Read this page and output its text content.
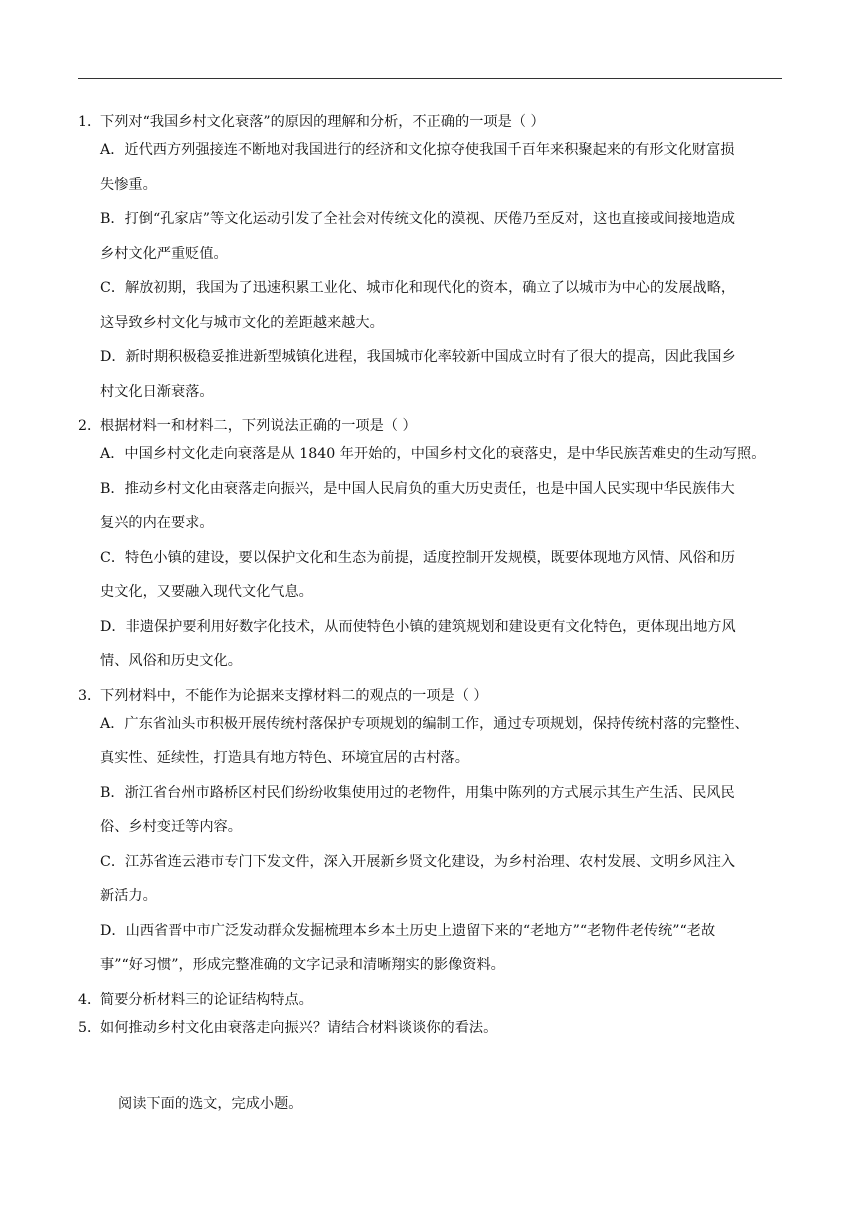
1．下列对“我国乡村文化衰落”的原因的理解和分析，不正确的一项是（ ）
A．近代西方列强接连不断地对我国进行的经济和文化掠夺使我国千百年来积聚起来的有形文化财富损
失惨重。
B．打倒“孔家店”等文化运动引发了全社会对传统文化的漠视、厌倦乃至反对，这也直接或间接地造成
乡村文化严重贬值。
C．解放初期，我国为了迅速积累工业化、城市化和现代化的资本，确立了以城市为中心的发展战略，
这导致乡村文化与城市文化的差距越来越大。
D．新时期积极稳妥推进新型城镇化进程，我国城市化率较新中国成立时有了很大的提高，因此我国乡
村文化日渐衰落。
2．根据材料一和材料二，下列说法正确的一项是（ ）
A．中国乡村文化走向衰落是从 1840 年开始的，中国乡村文化的衰落史，是中华民族苦难史的生动写照。
B．推动乡村文化由衰落走向振兴，是中国人民肩负的重大历史责任，也是中国人民实现中华民族伟大
复兴的内在要求。
C．特色小镇的建设，要以保护文化和生态为前提，适度控制开发规模，既要体现地方风情、风俗和历
史文化，又要融入现代文化气息。
D．非遗保护要利用好数字化技术，从而使特色小镇的建筑规划和建设更有文化特色，更体现出地方风
情、风俗和历史文化。
3．下列材料中，不能作为论据来支撑材料二的观点的一项是（ ）
A．广东省汕头市积极开展传统村落保护专项规划的编制工作，通过专项规划，保持传统村落的完整性、
真实性、延续性，打造具有地方特色、环境宜居的古村落。
B．浙江省台州市路桥区村民们纷纷收集使用过的老物件，用集中陈列的方式展示其生产生活、民风民
俗、乡村变迁等内容。
C．江苏省连云港市专门下发文件，深入开展新乡贤文化建设，为乡村治理、农村发展、文明乡风注入
新活力。
D．山西省晋中市广泛发动群众发掘梳理本乡本土历史上遗留下来的“老地方”“老物件老传统”“老故
事”“好习惯”，形成完整准确的文字记录和清晰翔实的影像资料。
4．简要分析材料三的论证结构特点。
5．如何推动乡村文化由衰落走向振兴？请结合材料谈谈你的看法。
阅读下面的选文，完成小题。
